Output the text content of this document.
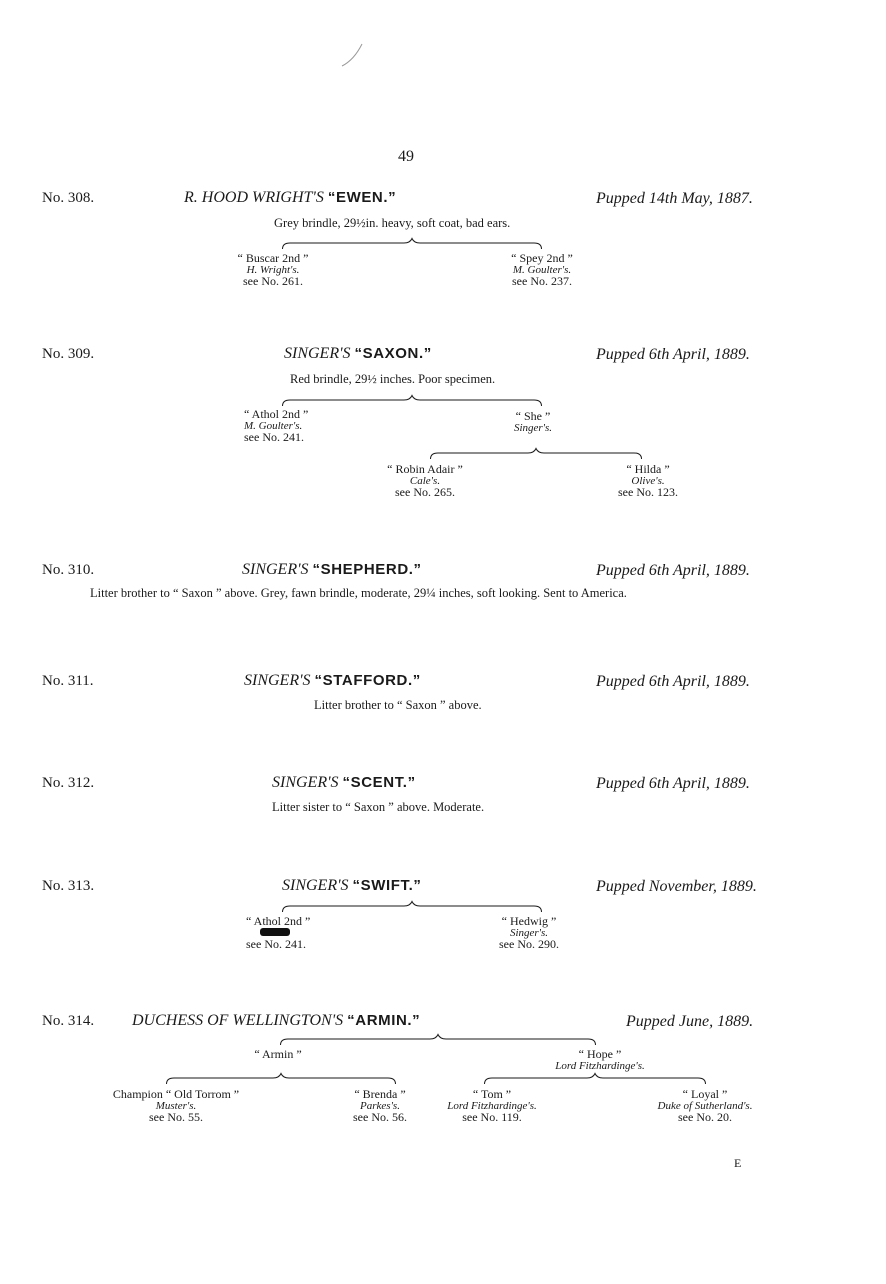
49
No. 308.	R. HOOD WRIGHT'S “EWEN.”	Pupped 14th May, 1887.
Grey brindle, 29½in. heavy, soft coat, bad ears.
“ Buscar 2nd ”
H. Wright's.
see No. 261.
“ Spey 2nd ”
M. Goulter's.
see No. 237.
No. 309.	SINGER'S “SAXON.”	Pupped 6th April, 1889.
Red brindle, 29½ inches. Poor specimen.
“ Athol 2nd ”
M. Goulter's.
see No. 241.
“ She ”
Singer's.
“ Robin Adair ”
Cale's.
see No. 265.
“ Hilda ”
Olive's.
see No. 123.
No. 310.	SINGER'S “SHEPHERD.”	Pupped 6th April, 1889.
Litter brother to “ Saxon ” above. Grey, fawn brindle, moderate, 29¼ inches, soft looking. Sent to America.
No. 311.	SINGER'S “STAFFORD.”	Pupped 6th April, 1889.
Litter brother to “ Saxon ” above.
No. 312.	SINGER'S “SCENT.”	Pupped 6th April, 1889.
Litter sister to “ Saxon ” above. Moderate.
No. 313.	SINGER'S “SWIFT.”	Pupped November, 1889.
“ Athol 2nd ”
see No. 241.
“ Hedwig ”
Singer's.
see No. 290.
No. 314. DUCHESS OF WELLINGTON'S “ARMIN.”	Pupped June, 1889.
“ Armin ”	“ Hope ”
Lord Fitzhardinge's.
Champion “ Old Torrom ”
Muster's.
see No. 55.
“ Brenda ”
Parkes's.
see No. 56.
“ Tom ”
Lord Fitzhardinge's.
see No. 119.
“ Loyal ”
Duke of Sutherland's.
see No. 20.
E
